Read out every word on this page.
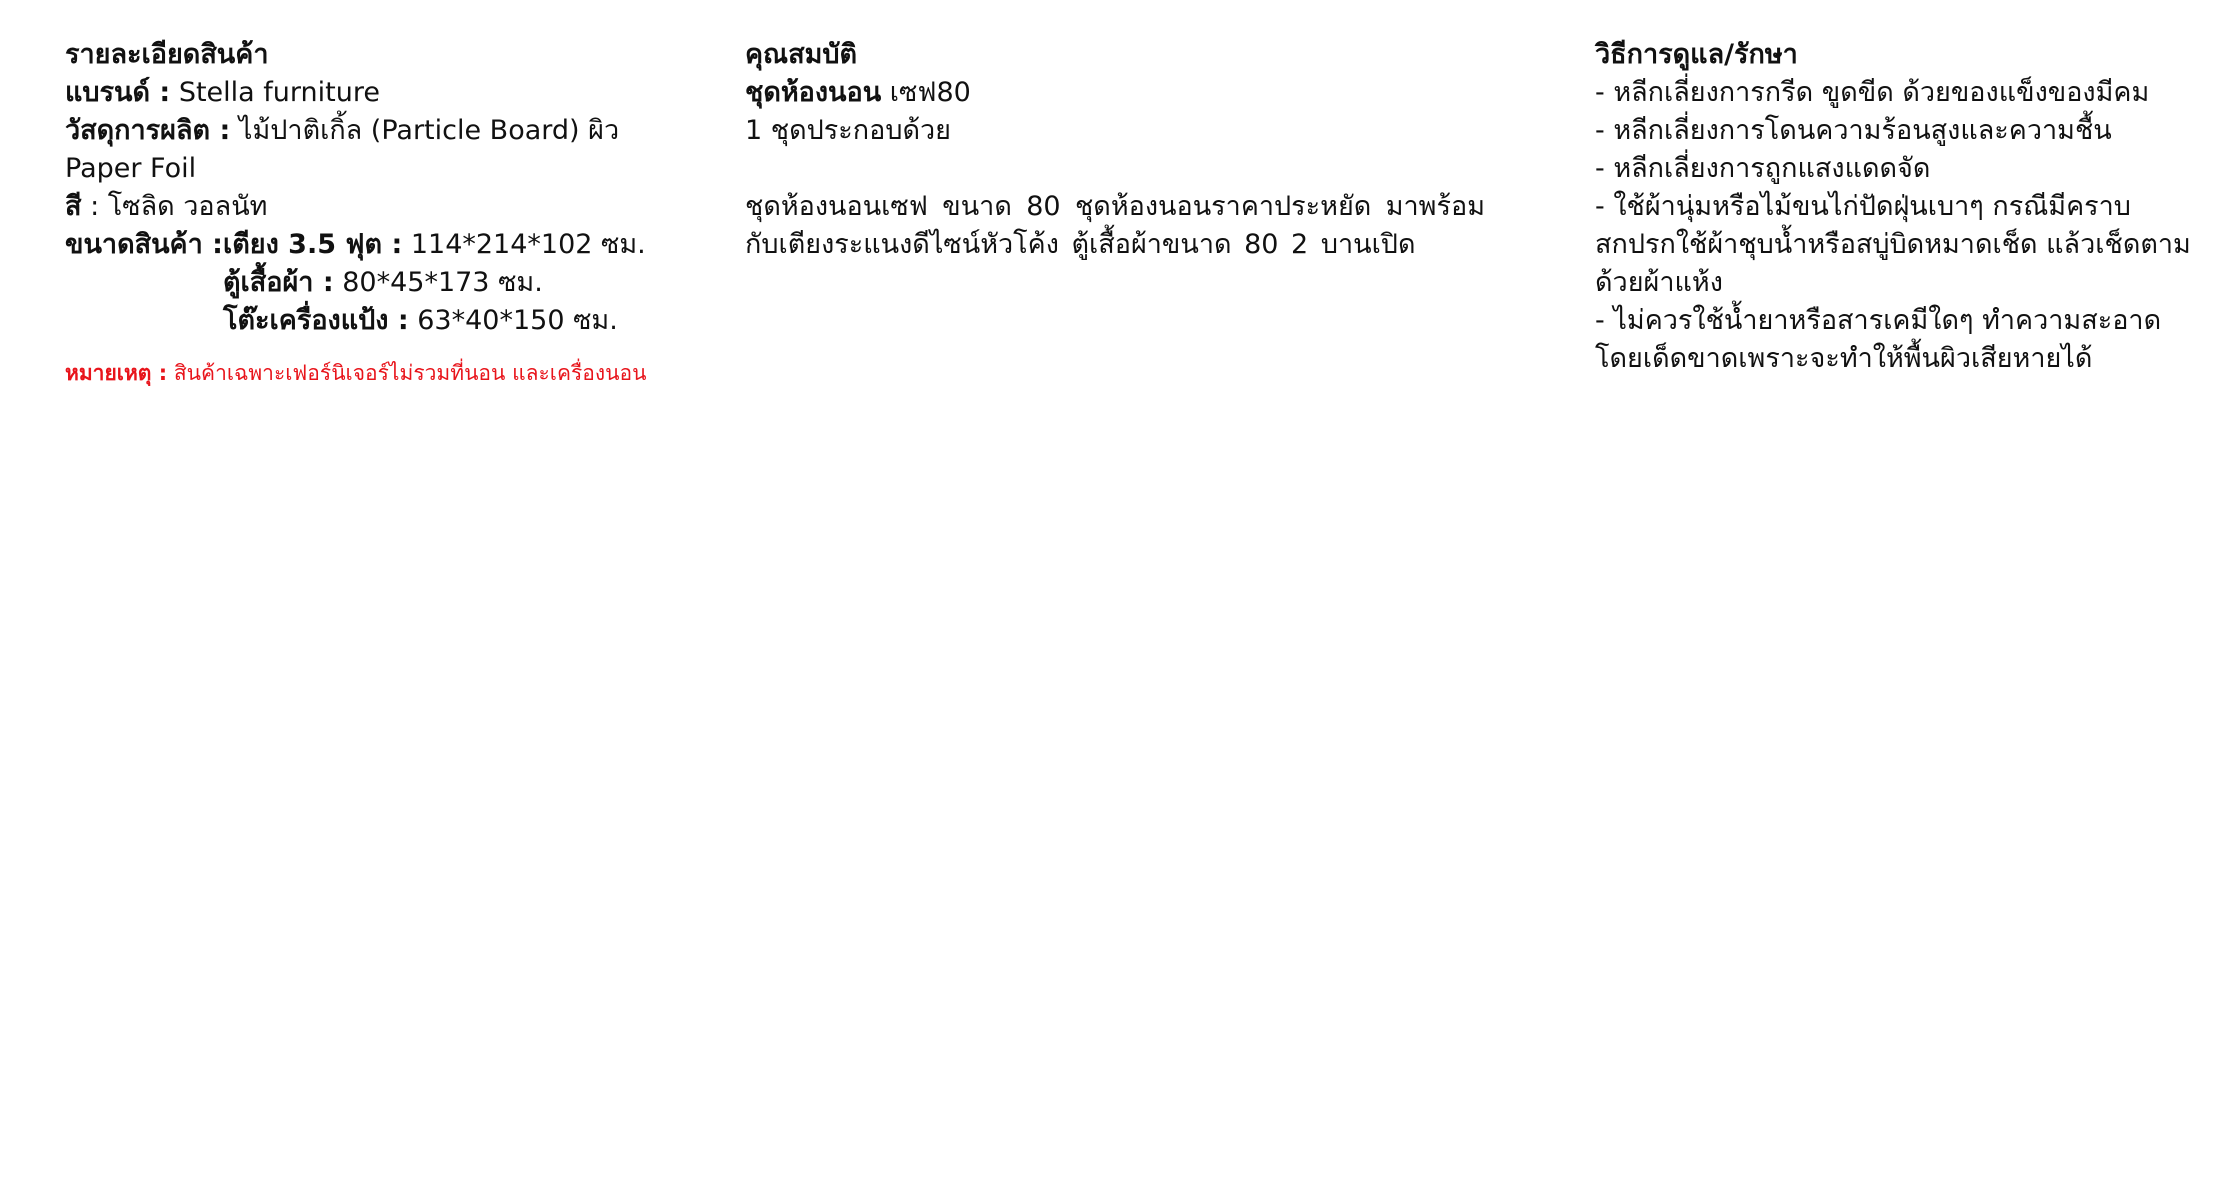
รายละเอียดสินค้า
แบรนด์ : Stella furniture
วัสดุการผลิต : ไม้ปาติเกิ้ล (Particle Board) ผิว
Paper Foil
สี : โซลิด วอลนัท
ขนาดสินค้า : เตียง 3.5 ฟุต : 114*214*102 ซม.
ตู้เสื้อผ้า : 80*45*173 ซม.
โต๊ะเครื่องแป้ง : 63*40*150 ซม.
หมายเหตุ : สินค้าเฉพาะเฟอร์นิเจอร์ไม่รวมที่นอน และเครื่องนอน
คุณสมบัติ
ชุดห้องนอน เซฟ80
1 ชุดประกอบด้วย
ชุดห้องนอนเซฟ ขนาด 80 ชุดห้องนอนราคาประหยัด มาพร้อมกับเตียงระแนงดีไซน์หัวโค้ง ตู้เสื้อผ้าขนาด 80 2 บานเปิด
วิธีการดูแล/รักษา
- หลีกเลี่ยงการกรีด ขูดขีด ด้วยของแข็งของมีคม
- หลีกเลี่ยงการโดนความร้อนสูงและความชื้น
- หลีกเลี่ยงการถูกแสงแดดจัด
- ใช้ผ้านุ่มหรือไม้ขนไก่ปัดฝุ่นเบาๆ กรณีมีคราบสกปรกใช้ผ้าชุบน้ำหรือสบู่บิดหมาดเช็ด แล้วเช็ดตามด้วยผ้าแห้ง
- ไม่ควรใช้น้ำยาหรือสารเคมีใดๆ ทำความสะอาดโดยเด็ดขาดเพราะจะทำให้พื้นผิวเสียหายได้
